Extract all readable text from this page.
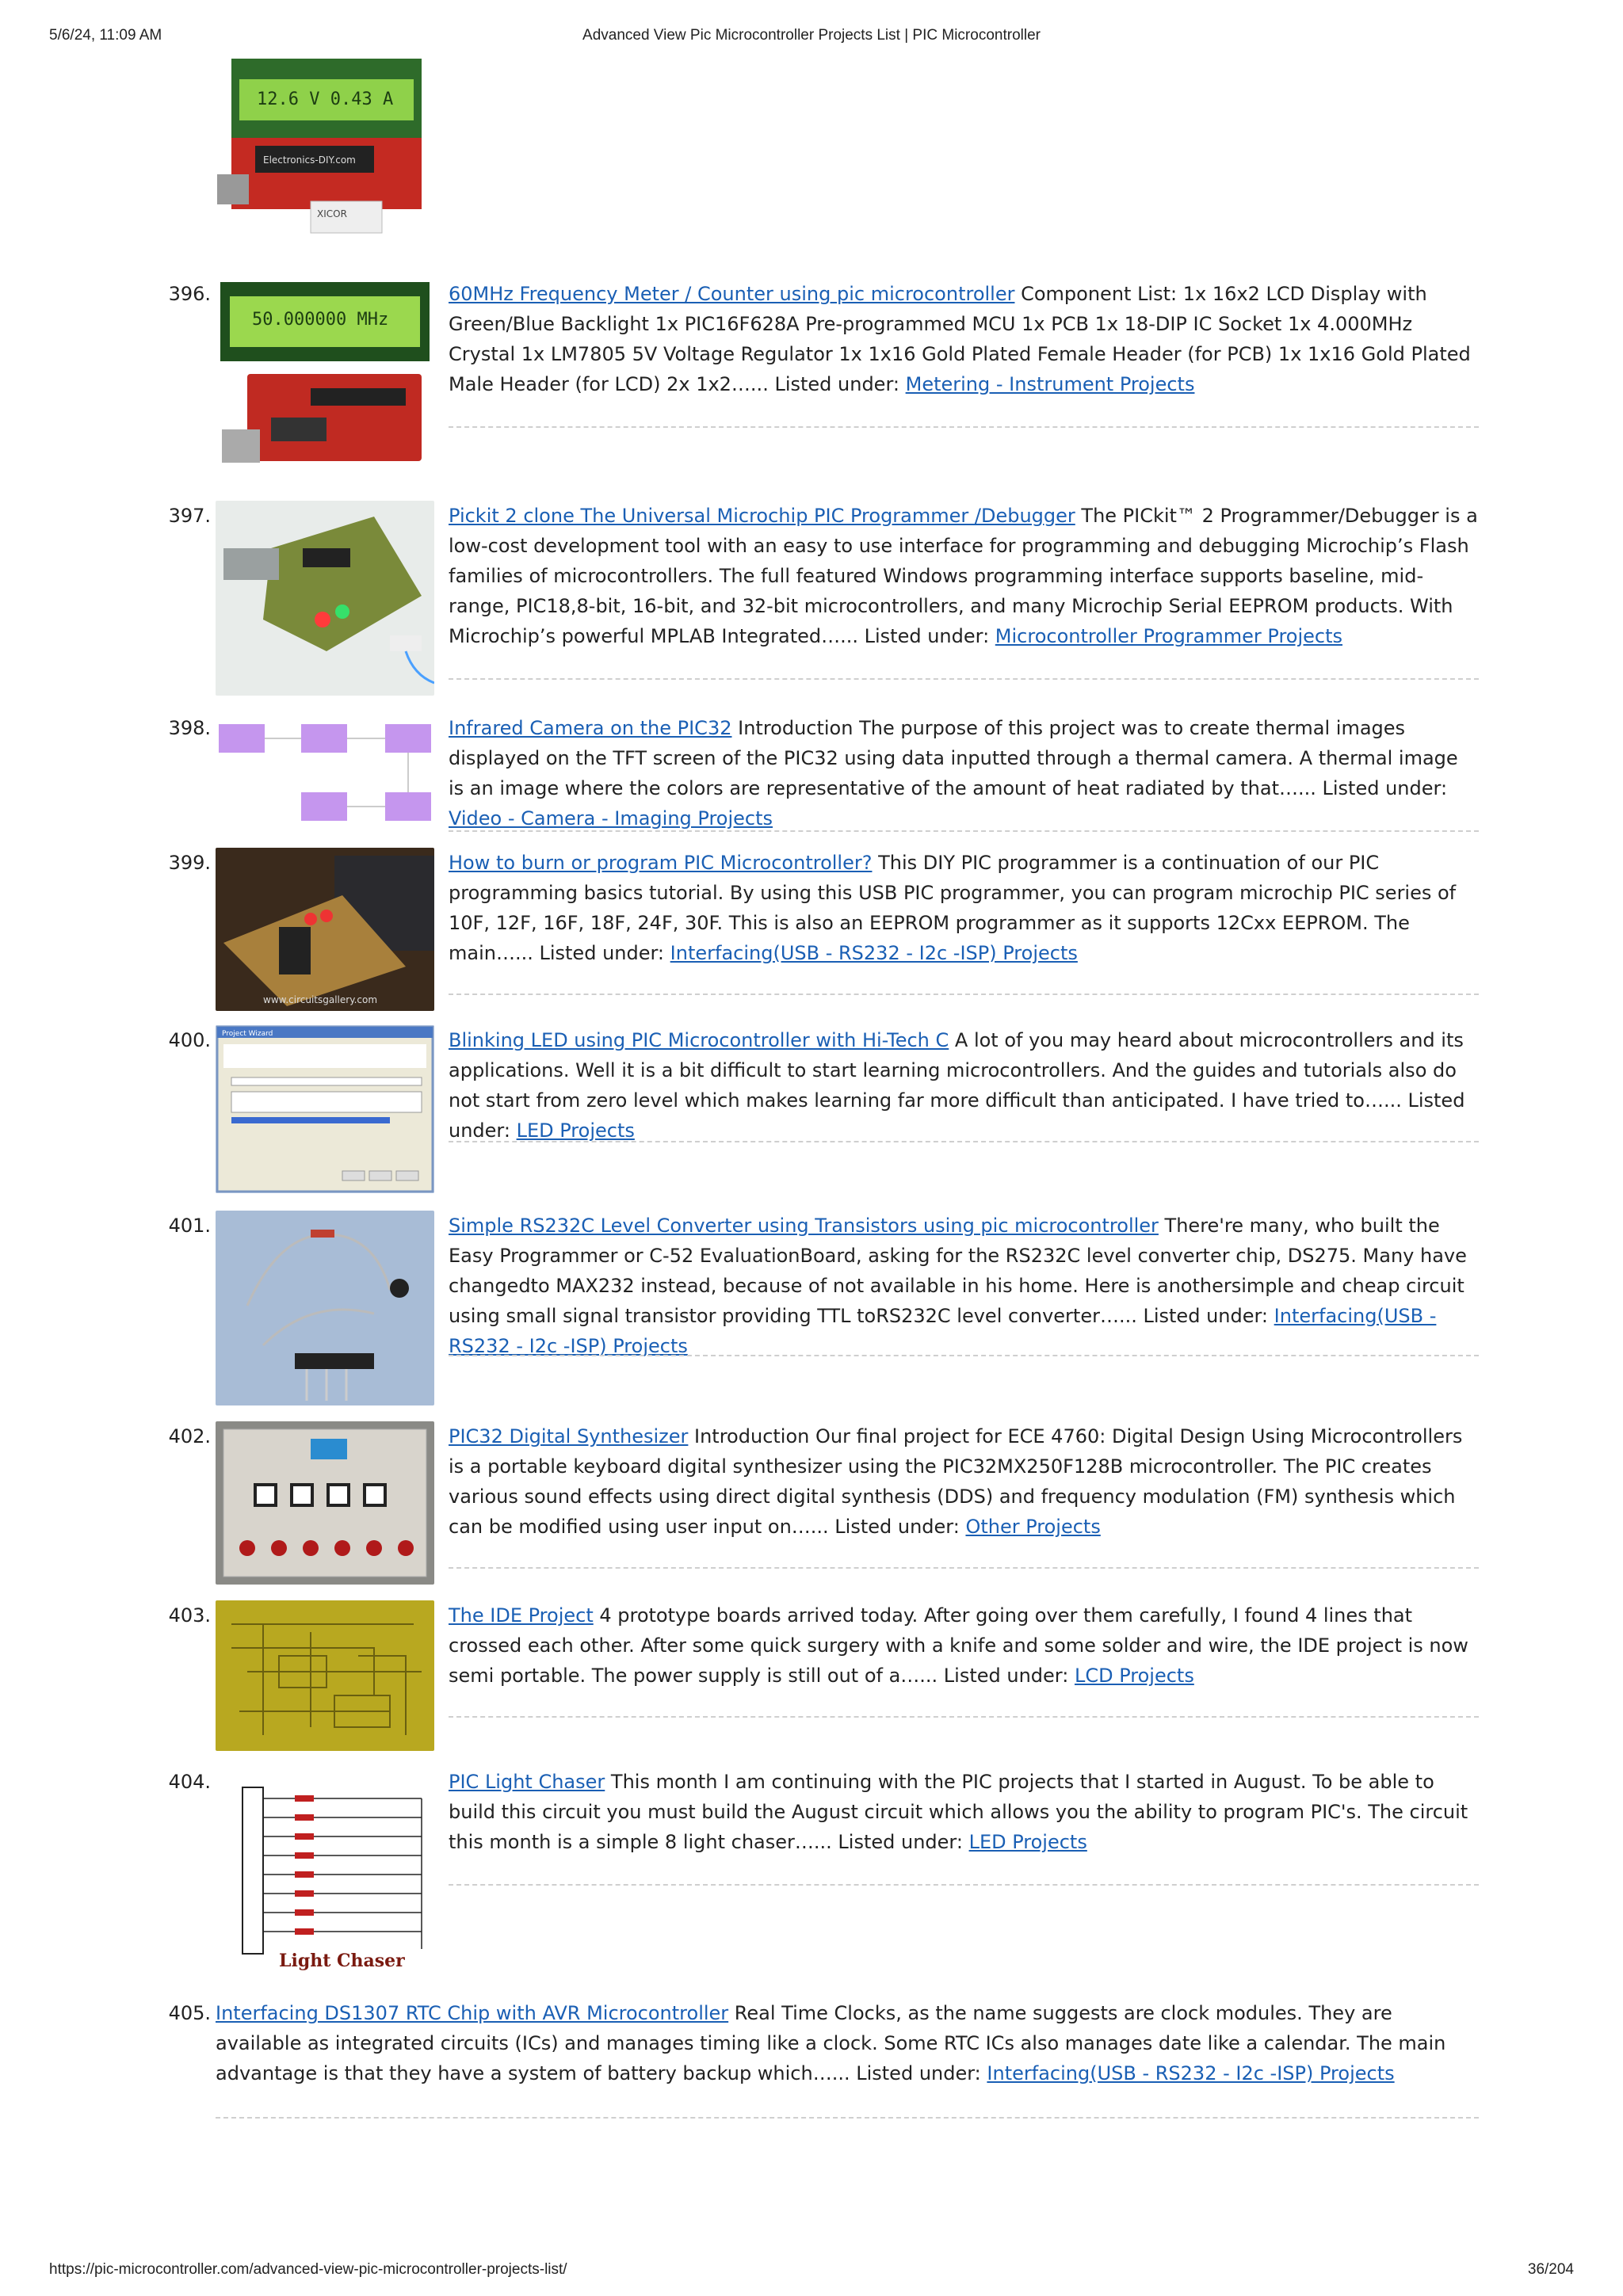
5/6/24, 11:09 AM	Advanced View Pic Microcontroller Projects List | PIC Microcontroller
12.6 V 0.43 A
Electronics-DIY.com
XICOR
396.
50.000000 MHz
60MHz Frequency Meter / Counter using pic microcontroller Component List: 1x 16x2 LCD Display with Green/Blue Backlight 1x PIC16F628A Pre-programmed MCU 1x PCB 1x 18-DIP IC Socket 1x 4.000MHz Crystal 1x LM7805 5V Voltage Regulator 1x 1x16 Gold Plated Female Header (for PCB) 1x 1x16 Gold Plated Male Header (for LCD) 2x 1x2…... Listed under: Metering - Instrument Projects
397.	Pickit 2 clone The Universal Microchip PIC Programmer /Debugger The PICkit™ 2 Programmer/Debugger is a low-cost development tool with an easy to use interface for programming and debugging Microchip’s Flash families of microcontrollers. The full featured Windows programming interface supports baseline, mid-range, PIC18,8-bit, 16-bit, and 32-bit microcontrollers, and many Microchip Serial EEPROM products. With Microchip’s powerful MPLAB Integrated…... Listed under: Microcontroller Programmer Projects
398.	Infrared Camera on the PIC32 Introduction The purpose of this project was to create thermal images displayed on the TFT screen of the PIC32 using data inputted through a thermal camera. A thermal image is an image where the colors are representative of the amount of heat radiated by that…... Listed under: Video - Camera - Imaging Projects
399.
www.circuitsgallery.com
How to burn or program PIC Microcontroller? This DIY PIC programmer is a continuation of our PIC programming basics tutorial. By using this USB PIC programmer, you can program microchip PIC series of 10F, 12F, 16F, 18F, 24F, 30F. This is also an EEPROM programmer as it supports 12Cxx EEPROM. The main…... Listed under: Interfacing(USB - RS232 - I2c -ISP) Projects
400. Project Wizard	Blinking LED using PIC Microcontroller with Hi-Tech C A lot of you may heard about microcontrollers and its applications. Well it is a bit difficult to start learning microcontrollers. And the guides and tutorials also do not start from zero level which makes learning far more difficult than anticipated. I have tried to…... Listed under: LED Projects
401.	Simple RS232C Level Converter using Transistors using pic microcontroller There're many, who built the Easy Programmer or C-52 EvaluationBoard, asking for the RS232C level converter chip, DS275. Many have changedto MAX232 instead, because of not available in his home. Here is anothersimple and cheap circuit using small signal transistor providing TTL toRS232C level converter…... Listed under: Interfacing(USB - RS232 - I2c -ISP) Projects
402.	PIC32 Digital Synthesizer Introduction Our final project for ECE 4760: Digital Design Using Microcontrollers is a portable keyboard digital synthesizer using the PIC32MX250F128B microcontroller. The PIC creates various sound effects using direct digital synthesis (DDS) and frequency modulation (FM) synthesis which can be modified using user input on…... Listed under: Other Projects
403.	The IDE Project 4 prototype boards arrived today. After going over them carefully, I found 4 lines that crossed each other. After some quick surgery with a knife and some solder and wire, the IDE project is now semi portable. The power supply is still out of a…... Listed under: LCD Projects
404.
Light Chaser
PIC Light Chaser This month I am continuing with the PIC projects that I started in August. To be able to build this circuit you must build the August circuit which allows you the ability to program PIC's. The circuit this month is a simple 8 light chaser…... Listed under: LED Projects
405. Interfacing DS1307 RTC Chip with AVR Microcontroller Real Time Clocks, as the name suggests are clock modules. They are available as integrated circuits (ICs) and manages timing like a clock. Some RTC ICs also manages date like a calendar. The main advantage is that they have a system of battery backup which…... Listed under: Interfacing(USB - RS232 - I2c -ISP) Projects
https://pic-microcontroller.com/advanced-view-pic-microcontroller-projects-list/	36/204
